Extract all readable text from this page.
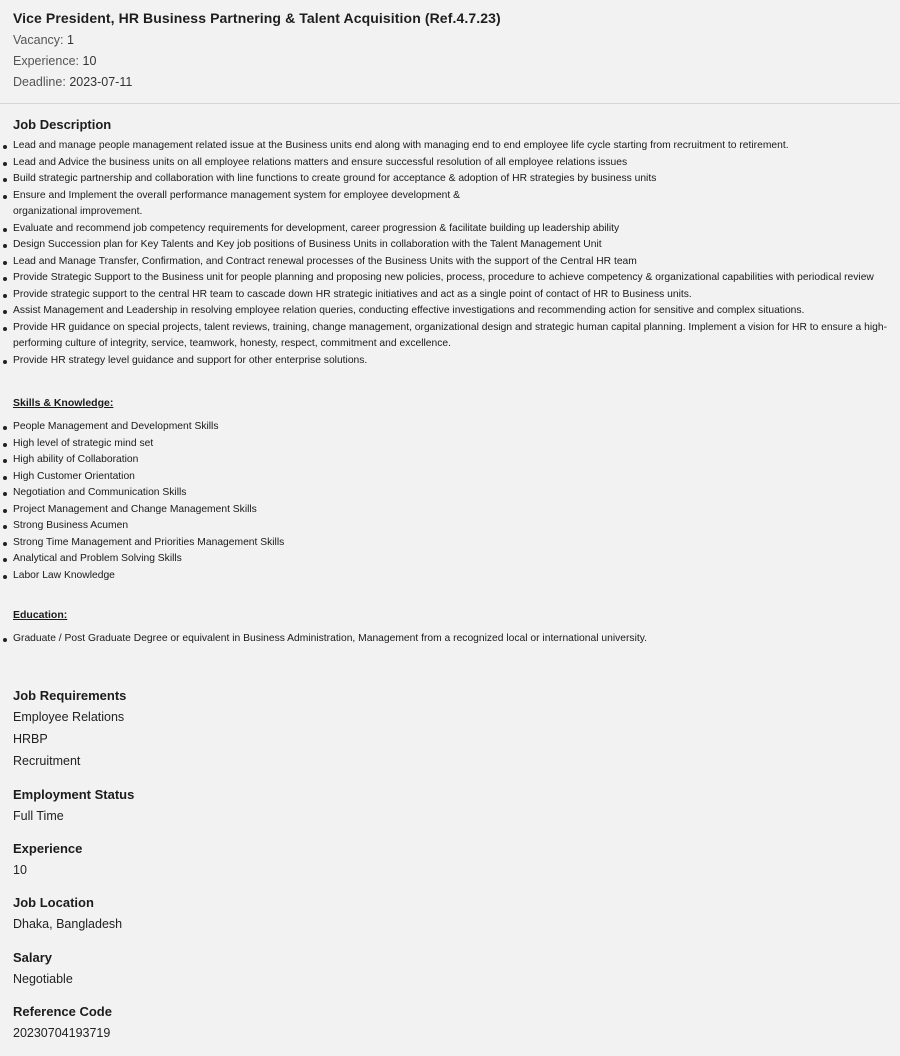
Vice President, HR Business Partnering & Talent Acquisition (Ref.4.7.23)
Vacancy: 1
Experience: 10
Deadline: 2023-07-11
Job Description
Lead and manage people management related issue at the Business units end along with managing end to end employee life cycle starting from recruitment to retirement.
Lead and Advice the business units on all employee relations matters and ensure successful resolution of all employee relations issues
Build strategic partnership and collaboration with line functions to create ground for acceptance & adoption of HR strategies by business units
Ensure and Implement the overall performance management system for employee development &
organizational improvement.
Evaluate and recommend job competency requirements for development, career progression & facilitate building up leadership ability
Design Succession plan for Key Talents and Key job positions of Business Units in collaboration with the Talent Management Unit
Lead and Manage Transfer, Confirmation, and Contract renewal processes of the Business Units with the support of the Central HR team
Provide Strategic Support to the Business unit for people planning and proposing new policies, process, procedure to achieve competency & organizational capabilities with periodical review
Provide strategic support to the central HR team to cascade down HR strategic initiatives and act as a single point of contact of HR to Business units.
Assist Management and Leadership in resolving employee relation queries, conducting effective investigations and recommending action for sensitive and complex situations.
Provide HR guidance on special projects, talent reviews, training, change management, organizational design and strategic human capital planning. Implement a vision for HR to ensure a high-performing culture of integrity, service, teamwork, honesty, respect, commitment and excellence.
Provide HR strategy level guidance and support for other enterprise solutions.
Skills & Knowledge:
People Management and Development Skills
High level of strategic mind set
High ability of Collaboration
High Customer Orientation
Negotiation and Communication Skills
Project Management and Change Management Skills
Strong Business Acumen
Strong Time Management and Priorities Management Skills
Analytical and Problem Solving Skills
Labor Law Knowledge
Education:
Graduate / Post Graduate Degree or equivalent in Business Administration, Management from a recognized local or international university.
Job Requirements
Employee Relations
HRBP
Recruitment
Employment Status
Full Time
Experience
10
Job Location
Dhaka, Bangladesh
Salary
Negotiable
Reference Code
20230704193719
